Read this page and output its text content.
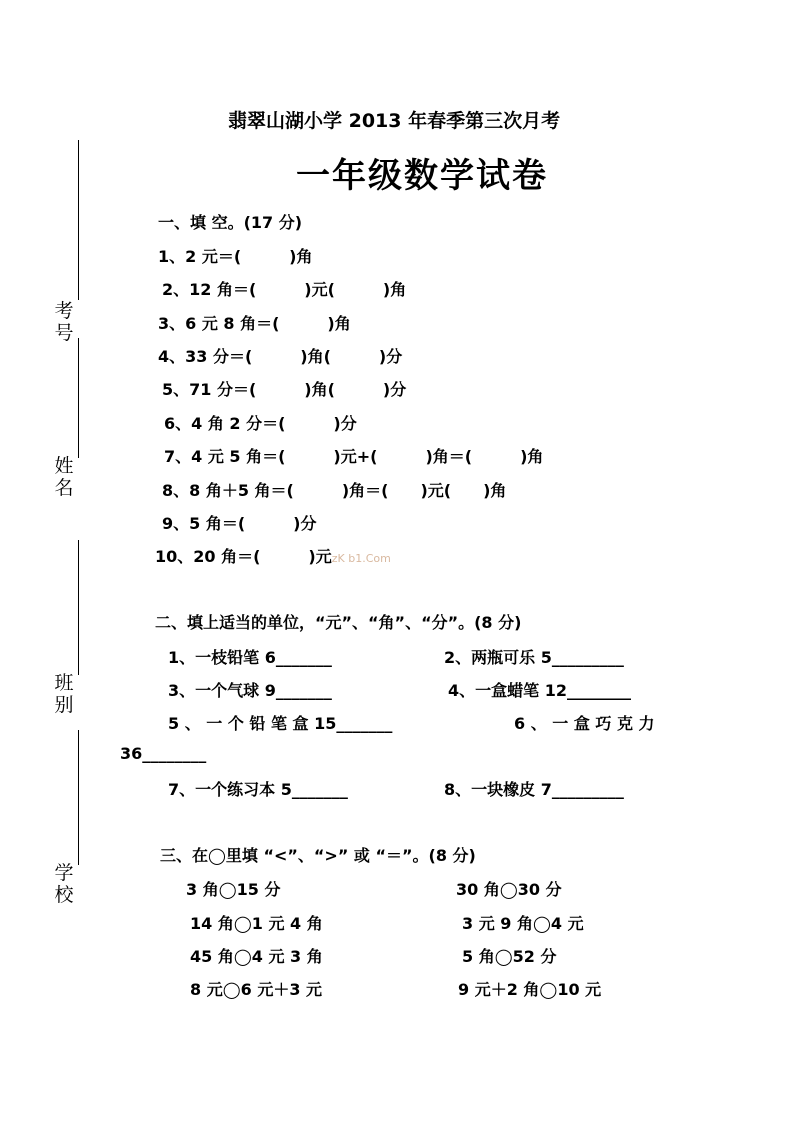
考号
姓名
班别
学校
翡翠山湖小学 2013 年春季第三次月考
一年级数学试卷
一、填 空。(17 分)
1、2 元＝(　　　)角
2、12 角＝(　　　)元(　　　)角
3、6 元 8 角＝(　　　)角
4、33 分＝(　　　)角(　　　)分
5、71 分＝(　　　)角(　　　)分
6、4 角 2 分＝(　　　)分
7、4 元 5 角＝(　　　)元+(　　　)角＝(　　　)角
8、8 角＋5 角＝(　　　)角＝(　　)元(　　)角
9、5 角＝(　　　)分
10、20 角＝(　　　)元zK b1.Com
二、填上适当的单位，“元”、“角”、“分”。(8 分)
1、一枝铅笔 6_______	2、两瓶可乐 5_________
3、一个气球 9_______	4、一盒蜡笔 12________
5 、 一 个 铅 笔 盒 15_______	6 、 一 盒 巧 克 力
36________
7、一个练习本 5_______	8、一块橡皮 7_________
三、在◯里填 “<”、“>” 或 “＝”。(8 分)
3 角◯15 分	30 角◯30 分
14 角◯1 元 4 角	3 元 9 角◯4 元
45 角◯4 元 3 角	5 角◯52 分
8 元◯6 元＋3 元	9 元＋2 角◯10 元
